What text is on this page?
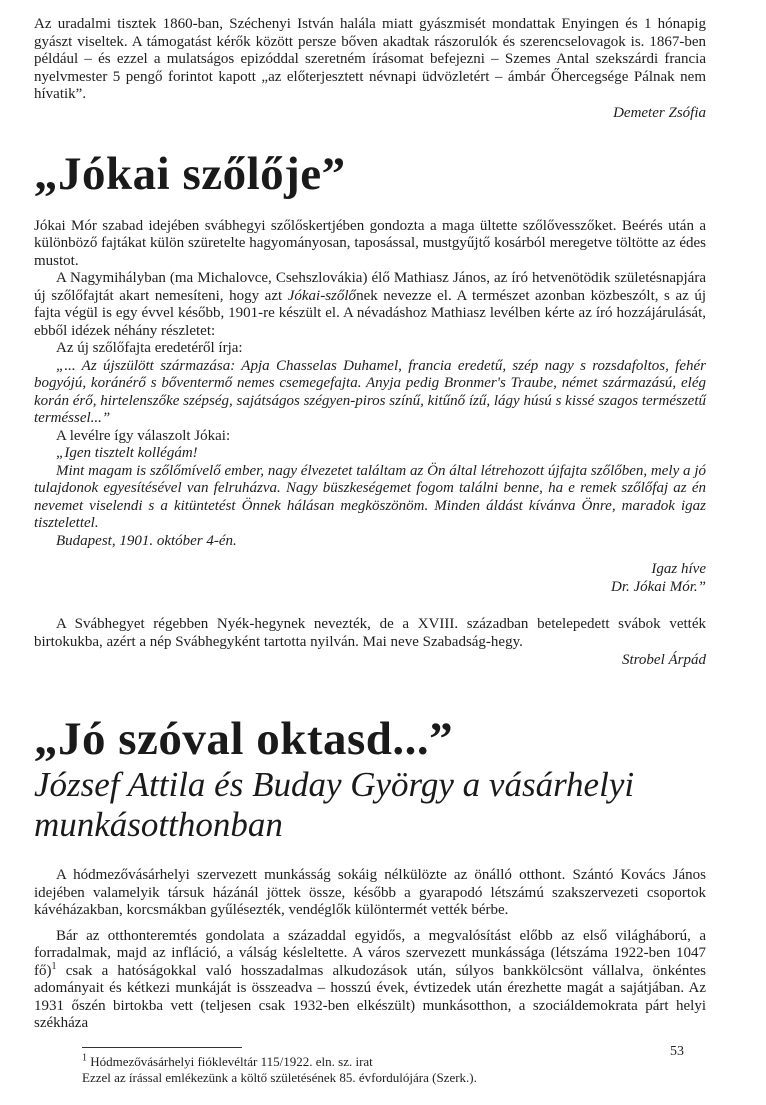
Az uradalmi tisztek 1860-ban, Széchenyi István halála miatt gyászmisét mondattak Enyingen és 1 hónapig gyászt viseltek. A támogatást kérők között persze bőven akadtak rászorulók és szerencselovagok is. 1867-ben például – és ezzel a mulatságos epizóddal szeretném írásomat befejezni – Szemes Antal szekszárdi francia nyelvmester 5 pengő forintot kapott „az előterjesztett névnapi üdvözletért – ámbár Őhercegsége Pálnak nem hívatik”.

Demeter Zsófia
„Jókai szőlője”

Jókai Mór szabad idejében svábhegyi szőlőskertjében gondozta a maga ültette szőlővesszőket. Beérés után a különböző fajtákat külön szüretelte hagyományosan, taposással, mustgyűjtő kosárból meregetve töltötte az édes mustot.

A Nagymihályban (ma Michalovce, Csehszlovákia) élő Mathiasz János, az író hetvenötödik születésnapjára új szőlőfajtát akart nemesíteni, hogy azt Jókai-szőlőnek nevezze el. A természet azonban közbeszólt, s az új fajta végül is egy évvel később, 1901-re készült el. A névadáshoz Mathiasz levélben kérte az író hozzájárulását, ebből idézek néhány részletet:

Az új szőlőfajta eredetéről írja:

„... Az újszülött származása: Apja Chasselas Duhamel, francia eredetű, szép nagy s rozsdafoltos, fehér bogyójú, koránérő s bőventermő nemes csemegefajta. Anyja pedig Bronmer's Traube, német származású, elég korán érő, hirtelenszőke szépség, sajátságos szégyen-piros színű, kitűnő ízű, lágy húsú s kissé szagos természetű terméssel...”

A levélre így válaszolt Jókai:

„Igen tisztelt kollégám!

Mint magam is szőlőmívelő ember, nagy élvezetet találtam az Ön által létrehozott újfajta szőlőben, mely a jó tulajdonok egyesítésével van felruházva. Nagy büszkeségemet fogom találni benne, ha e remek szőlőfaj az én nevemet viselendi s a kitüntetést Önnek hálásan megköszönöm. Minden áldást kívánva Önre, maradok igaz tisztelettel.

Budapest, 1901. október 4-én.

Igaz híve
Dr. Jókai Mór.”

A Svábhegyet régebben Nyék-hegynek nevezték, de a XVIII. században betelepedett svábok vették birtokukba, azért a nép Svábhegyként tartotta nyilván. Mai neve Szabadság-hegy.

Strobel Árpád
„Jó szóval oktasd...”
József Attila és Buday György a vásárhelyi munkásotthonban

A hódmezővásárhelyi szervezett munkásság sokáig nélkülözte az önálló otthont. Szántó Kovács János idejében valamelyik társuk házánál jöttek össze, később a gyarapodó létszámú szakszervezeti csoportok kávéházakban, korcsmákban gyűlésezték, vendéglők különtermét vették bérbe.

Bár az otthonteremtés gondolata a századdal egyidős, a megvalósítást előbb az első világháború, a forradalmak, majd az infláció, a válság késleltette. A város szervezett munkássága (létszáma 1922-ben 1047 fő)$^1$ csak a hatóságokkal való hosszadalmas alkudozások után, súlyos bankkölcsönt vállalva, önkéntes adományait és kétkezi munkáját is összeadva – hosszú évek, évtizedek után érezhette magát a sajátjában. Az 1931 őszén birtokba vett (teljesen csak 1932-ben elkészült) munkásotthon, a szociáldemokrata párt helyi székháza

$^1$ Hódmezővásárhelyi fióklevéltár 115/1922. eln. sz. irat

Ezzel az írással emlékezünk a költő születésének 85. évfordulójára (Szerk.).

53
